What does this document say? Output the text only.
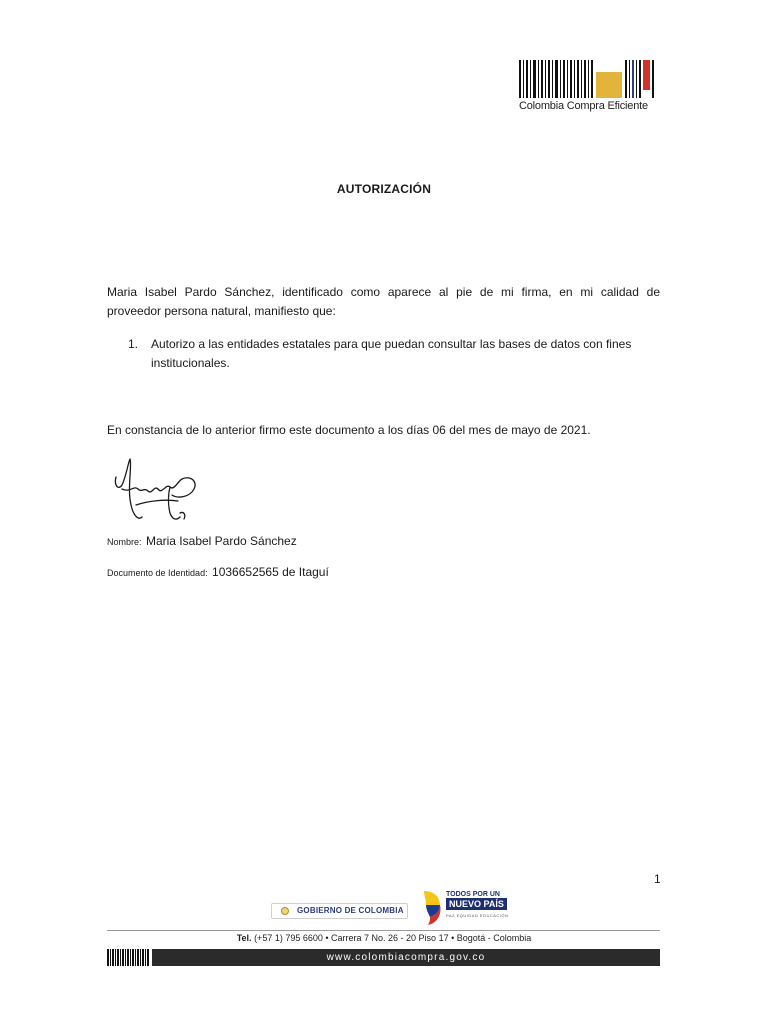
Colombia Compra Eficiente
AUTORIZACIÓN
Maria Isabel Pardo Sánchez, identificado como aparece al pie de mi firma, en mi calidad de
proveedor persona natural, manifiesto que:
1. Autorizo a las entidades estatales para que puedan consultar las bases de datos con fines institucionales.
En constancia de lo anterior firmo este documento a los días 06 del mes de mayo de 2021.
Nombre: Maria Isabel Pardo Sánchez
Documento de Identidad: 1036652565 de Itaguí
1
GOBIERNO DE COLOMBIA
TODOS POR UN
NUEVO PAÍS
PAZ EQUIDAD EDUCACIÓN
Tel. (+57 1) 795 6600 • Carrera 7 No. 26 - 20 Piso 17 • Bogotá - Colombia
www.colombiacompra.gov.co
